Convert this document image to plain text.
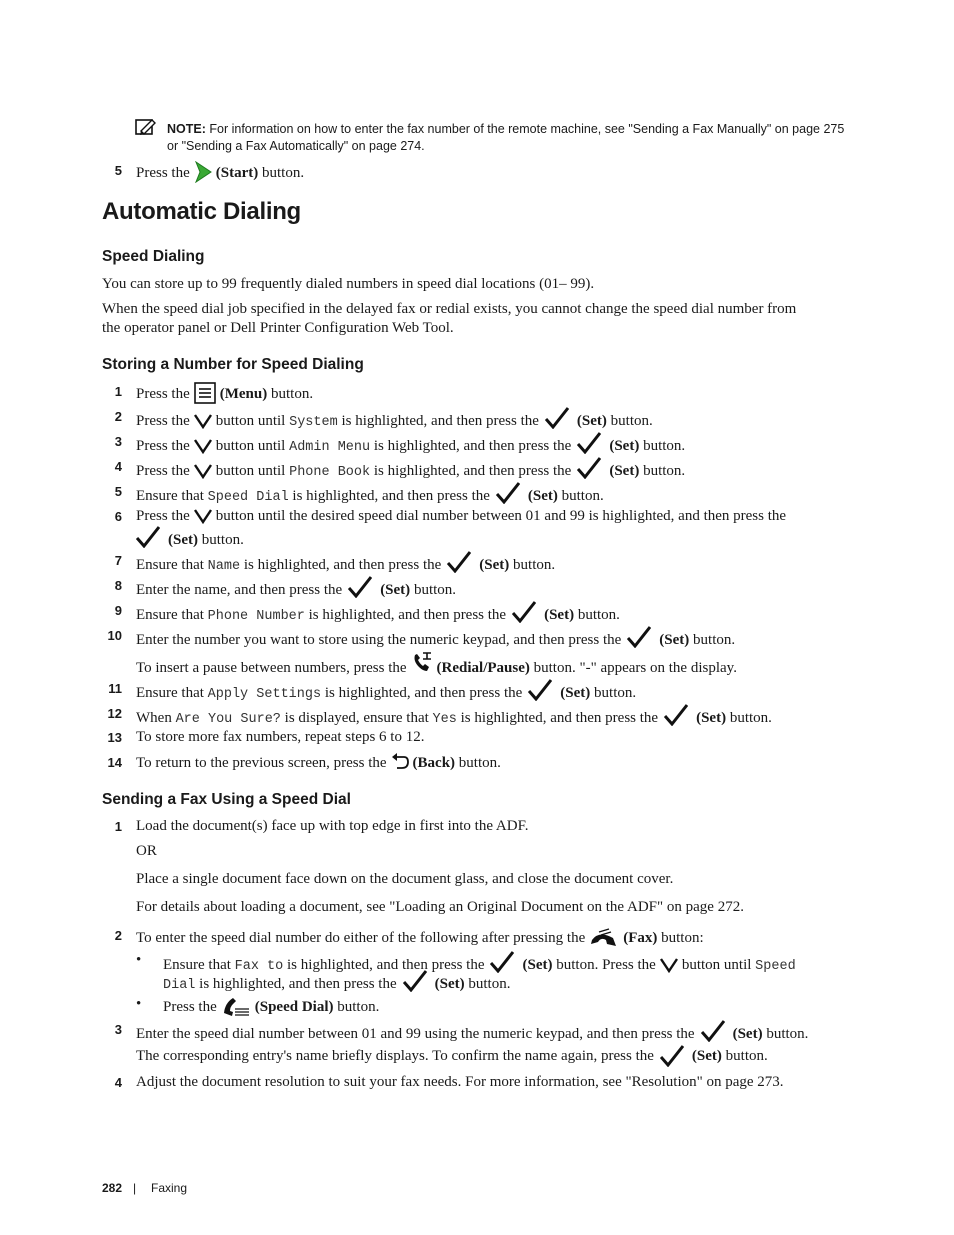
NOTE: For information on how to enter the fax number of the remote machine, see "Sending a Fax Manually" on page 275
or "Sending a Fax Automatically" on page 274.
5 Press the (Start) button.
Automatic Dialing
Speed Dialing
You can store up to 99 frequently dialed numbers in speed dial locations (01– 99).
When the speed dial job specified in the delayed fax or redial exists, you cannot change the speed dial number from
the operator panel or Dell Printer Configuration Web Tool.
Storing a Number for Speed Dialing
1 Press the (Menu) button.
2 Press the button until System is highlighted, and then press the	(Set) button.
3 Press the button until Admin Menu is highlighted, and then press the	(Set) button.
4 Press the button until Phone Book is highlighted, and then press the	(Set) button.
5 Ensure that Speed Dial is highlighted, and then press the	(Set) button.
6 Press the button until the desired speed dial number between 01 and 99 is highlighted, and then press the
(Set) button.
7 Ensure that Name is highlighted, and then press the	(Set) button.
8 Enter the name, and then press the	(Set) button.
9 Ensure that Phone Number is highlighted, and then press the	(Set) button.
10 Enter the number you want to store using the numeric keypad, and then press the	(Set) button.
To insert a pause between numbers, press the (Redial/Pause) button. "-" appears on the display.
11 Ensure that Apply Settings is highlighted, and then press the	(Set) button.
12 When Are You Sure? is displayed, ensure that Yes is highlighted, and then press the	(Set) button.
13 To store more fax numbers, repeat steps 6 to 12.
14 To return to the previous screen, press the (Back) button.
Sending a Fax Using a Speed Dial
1 Load the document(s) face up with top edge in first into the ADF.
OR
Place a single document face down on the document glass, and close the document cover.
For details about loading a document, see "Loading an Original Document on the ADF" on page 272.
2 To enter the speed dial number do either of the following after pressing the	(Fax) button:
• Ensure that Fax to is highlighted, and then press the	(Set) button. Press the button until Speed
Dial is highlighted, and then press the	(Set) button.
• Press the	(Speed Dial) button.
3 Enter the speed dial number between 01 and 99 using the numeric keypad, and then press the	(Set) button.
The corresponding entry's name briefly displays. To confirm the name again, press the	(Set) button.
4 Adjust the document resolution to suit your fax needs. For more information, see "Resolution" on page 273.
282 | Faxing
